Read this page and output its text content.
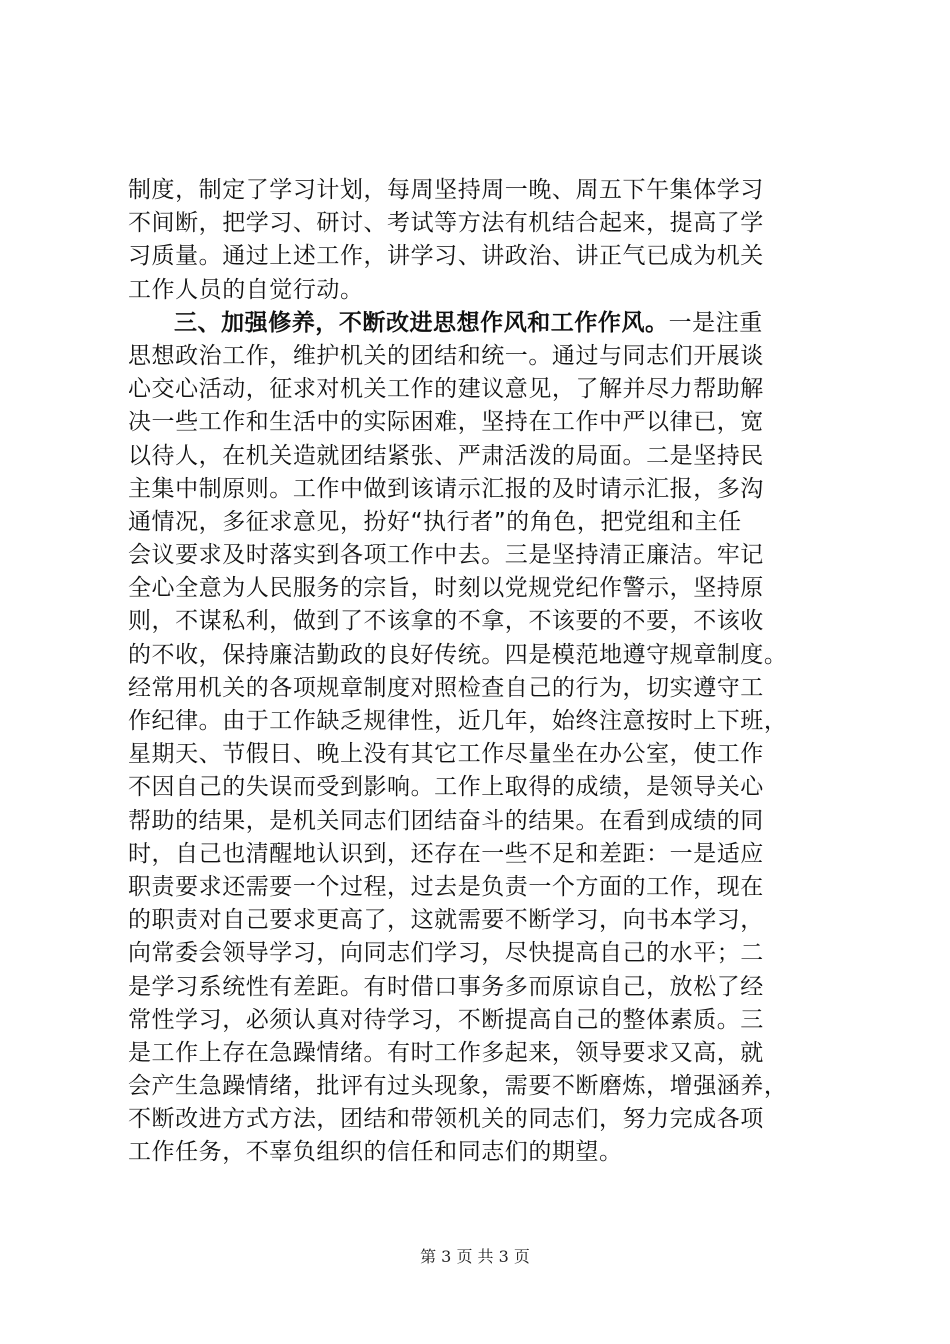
制度，制定了学习计划，每周坚持周一晚、周五下午集体学习
不间断，把学习、研讨、考试等方法有机结合起来，提高了学
习质量。通过上述工作，讲学习、讲政治、讲正气已成为机关
工作人员的自觉行动。
三、加强修养，不断改进思想作风和工作作风。一是注重
思想政治工作，维护机关的团结和统一。通过与同志们开展谈
心交心活动，征求对机关工作的建议意见，了解并尽力帮助解
决一些工作和生活中的实际困难，坚持在工作中严以律已，宽
以待人，在机关造就团结紧张、严肃活泼的局面。二是坚持民
主集中制原则。工作中做到该请示汇报的及时请示汇报，多沟
通情况，多征求意见，扮好“执行者”的角色，把党组和主任
会议要求及时落实到各项工作中去。三是坚持清正廉洁。牢记
全心全意为人民服务的宗旨，时刻以党规党纪作警示，坚持原
则，不谋私利，做到了不该拿的不拿，不该要的不要，不该收
的不收，保持廉洁勤政的良好传统。四是模范地遵守规章制度。
经常用机关的各项规章制度对照检查自己的行为，切实遵守工
作纪律。由于工作缺乏规律性，近几年，始终注意按时上下班，
星期天、节假日、晚上没有其它工作尽量坐在办公室，使工作
不因自己的失误而受到影响。工作上取得的成绩，是领导关心
帮助的结果，是机关同志们团结奋斗的结果。在看到成绩的同
时，自己也清醒地认识到，还存在一些不足和差距：一是适应
职责要求还需要一个过程，过去是负责一个方面的工作，现在
的职责对自己要求更高了，这就需要不断学习，向书本学习，
向常委会领导学习，向同志们学习，尽快提高自己的水平；二
是学习系统性有差距。有时借口事务多而原谅自己，放松了经
常性学习，必须认真对待学习，不断提高自己的整体素质。三
是工作上存在急躁情绪。有时工作多起来，领导要求又高，就
会产生急躁情绪，批评有过头现象，需要不断磨炼，增强涵养，
不断改进方式方法，团结和带领机关的同志们，努力完成各项
工作任务，不辜负组织的信任和同志们的期望。
第 3 页 共 3 页
